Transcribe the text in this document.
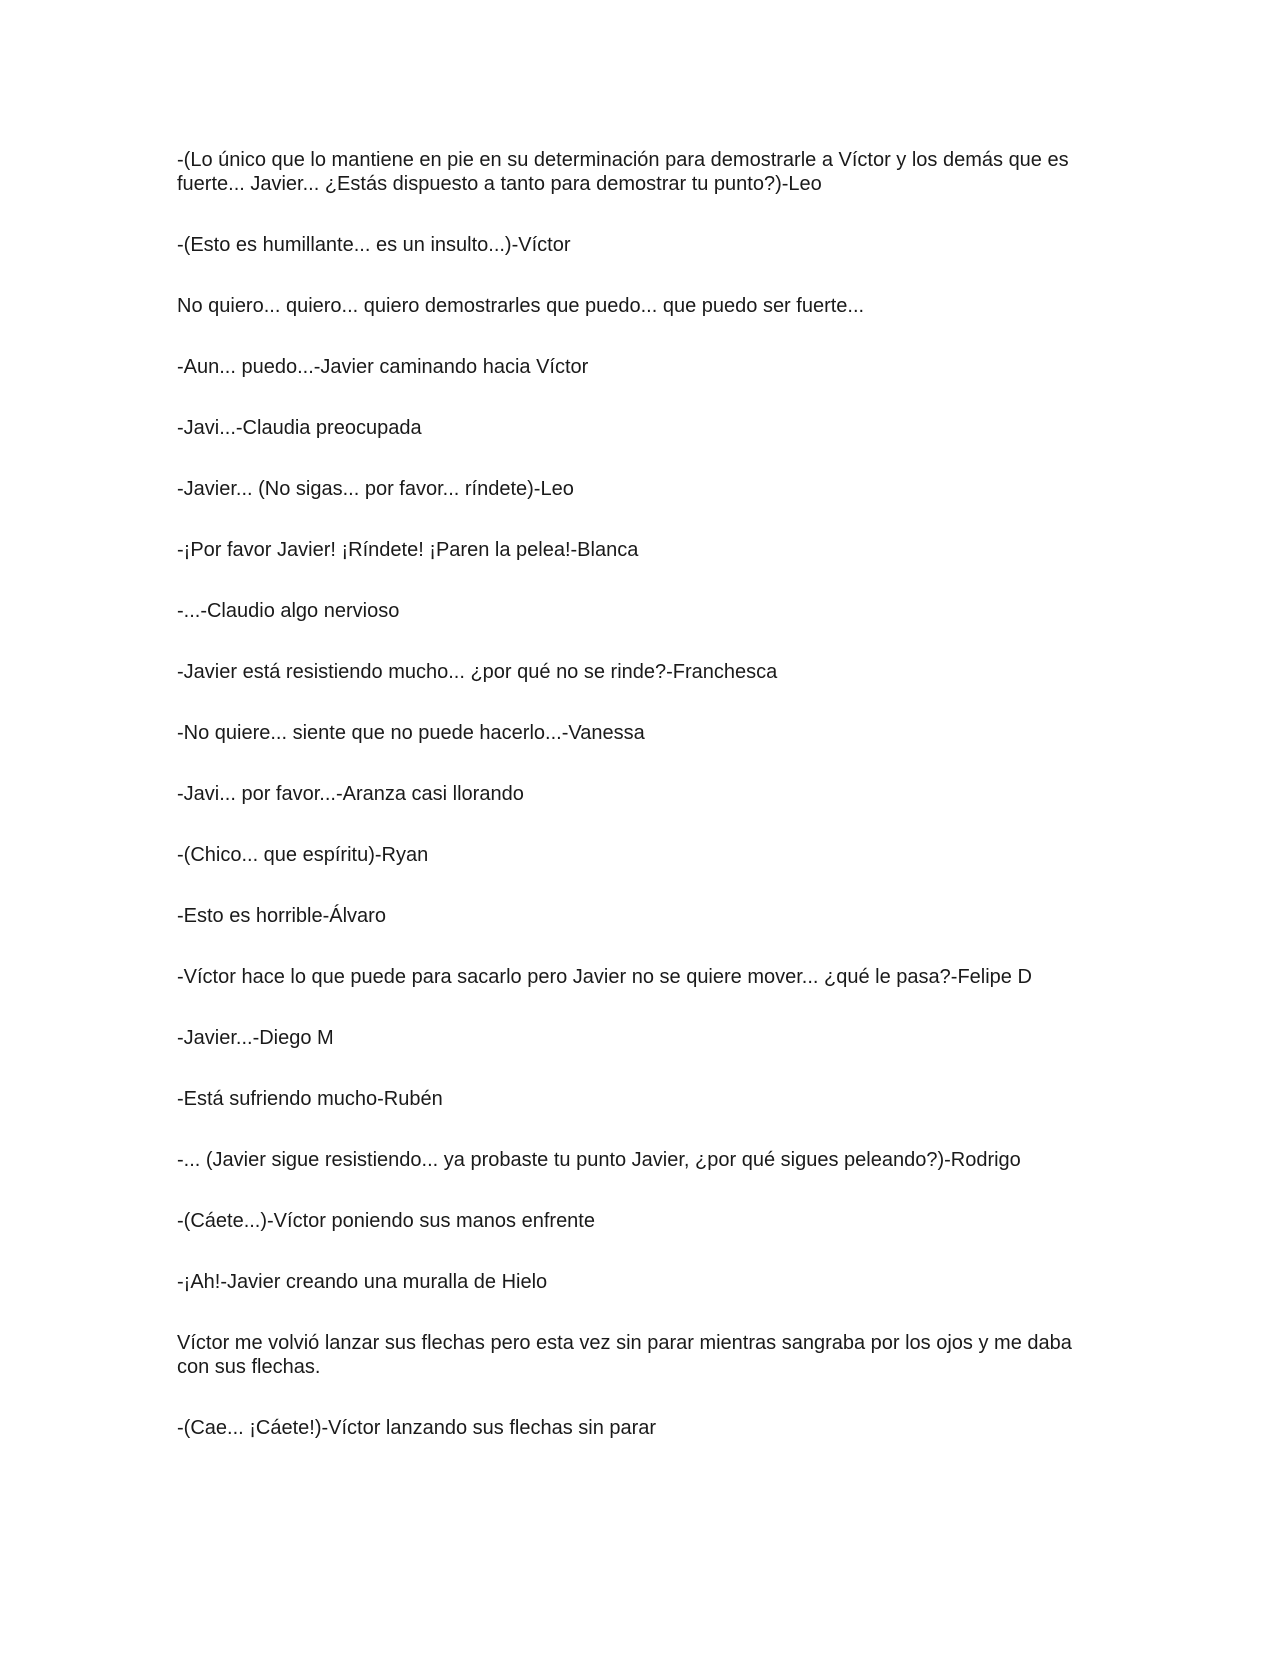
-(Lo único que lo mantiene en pie en su determinación para demostrarle a Víctor y los demás que es fuerte... Javier... ¿Estás dispuesto a tanto para demostrar tu punto?)-Leo

-(Esto es humillante... es un insulto...)-Víctor

No quiero... quiero... quiero demostrarles que puedo... que puedo ser fuerte...

-Aun... puedo...-Javier caminando hacia Víctor

-Javi...-Claudia preocupada

-Javier... (No sigas... por favor... ríndete)-Leo

-¡Por favor Javier! ¡Ríndete! ¡Paren la pelea!-Blanca

-...-Claudio algo nervioso

-Javier está resistiendo mucho... ¿por qué no se rinde?-Franchesca

-No quiere... siente que no puede hacerlo...-Vanessa

-Javi... por favor...-Aranza casi llorando

-(Chico... que espíritu)-Ryan

-Esto es horrible-Álvaro

-Víctor hace lo que puede para sacarlo pero Javier no se quiere mover... ¿qué le pasa?-Felipe D

-Javier...-Diego M

-Está sufriendo mucho-Rubén

-... (Javier sigue resistiendo... ya probaste tu punto Javier, ¿por qué sigues peleando?)-Rodrigo

-(Cáete...)-Víctor poniendo sus manos enfrente

-¡Ah!-Javier creando una muralla de Hielo

Víctor me volvió lanzar sus flechas pero esta vez sin parar mientras sangraba por los ojos y me daba con sus flechas.

-(Cae... ¡Cáete!)-Víctor lanzando sus flechas sin parar
